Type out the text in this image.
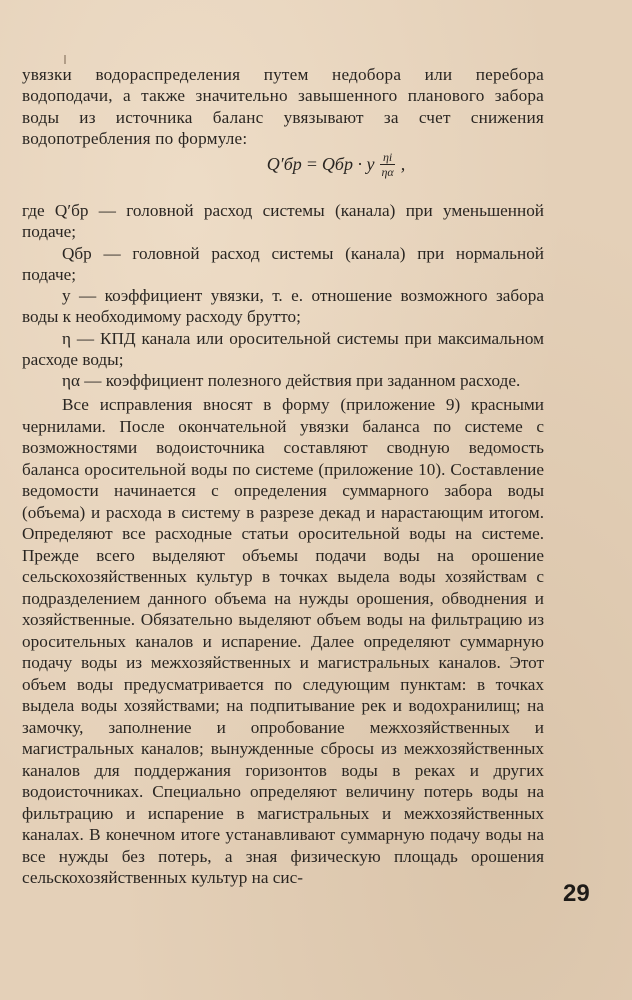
увязки водораспределения путем недобора или перебора водоподачи, а также значительно завышенного планового забора воды из источника баланс увязывают за счет снижения водопотребления по формуле:

Q′бр = Qбр · у $\frac{\eta i}{\eta\alpha}$ ,

где Q′бр — головной расход системы (канала) при уменьшенной подаче;

Qбр — головной расход системы (канала) при нормальной подаче;

у — коэффициент увязки, т. е. отношение возможного забора воды к необходимому расходу брутто;

η — КПД канала или оросительной системы при максимальном расходе воды;

ηα — коэффициент полезного действия при заданном расходе.

Все исправления вносят в форму (приложение 9) красными чернилами. После окончательной увязки баланса по системе с возможностями водоисточника составляют сводную ведомость баланса оросительной воды по системе (приложение 10). Составление ведомости начинается с определения суммарного забора воды (объема) и расхода в систему в разрезе декад и нарастающим итогом. Определяют все расходные статьи оросительной воды на системе. Прежде всего выделяют объемы подачи воды на орошение сельскохозяйственных культур в точках выдела воды хозяйствам с подразделением данного объема на нужды орошения, обводнения и хозяйственные. Обязательно выделяют объем воды на фильтрацию из оросительных каналов и испарение. Далее определяют суммарную подачу воды из межхозяйственных и магистральных каналов. Этот объем воды предусматривается по следующим пунктам: в точках выдела воды хозяйствами; на подпитывание рек и водохранилищ; на замочку, заполнение и опробование межхозяйственных и магистральных каналов; вынужденные сбросы из межхозяйственных каналов для поддержания горизонтов воды в реках и других водоисточниках. Специально определяют величину потерь воды на фильтрацию и испарение в магистральных и межхозяйственных каналах. В конечном итоге устанавливают суммарную подачу воды на все нужды без потерь, а зная физическую площадь орошения сельскохозяйственных культур на сис-

29
